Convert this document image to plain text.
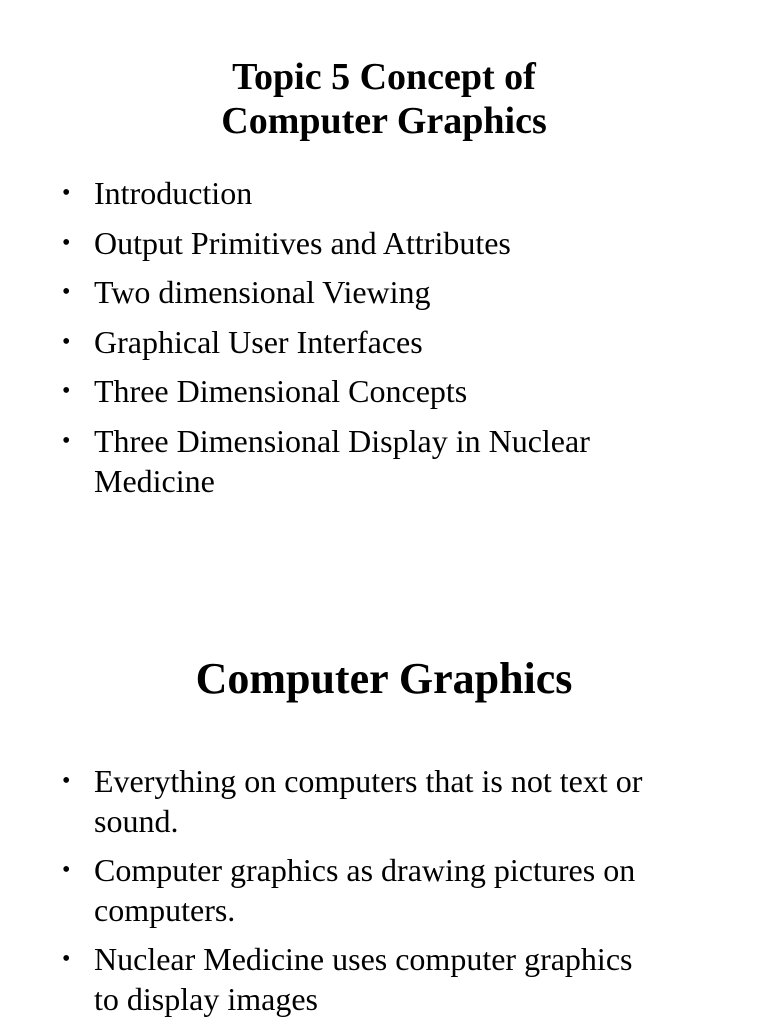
Topic 5 Concept of
Computer Graphics
• Introduction
• Output Primitives and Attributes
• Two dimensional Viewing
• Graphical User Interfaces
• Three Dimensional Concepts
• Three Dimensional Display in Nuclear
Medicine
Computer Graphics
• Everything on computers that is not text or
sound.
• Computer graphics as drawing pictures on
computers.
• Nuclear Medicine uses computer graphics
to display images
